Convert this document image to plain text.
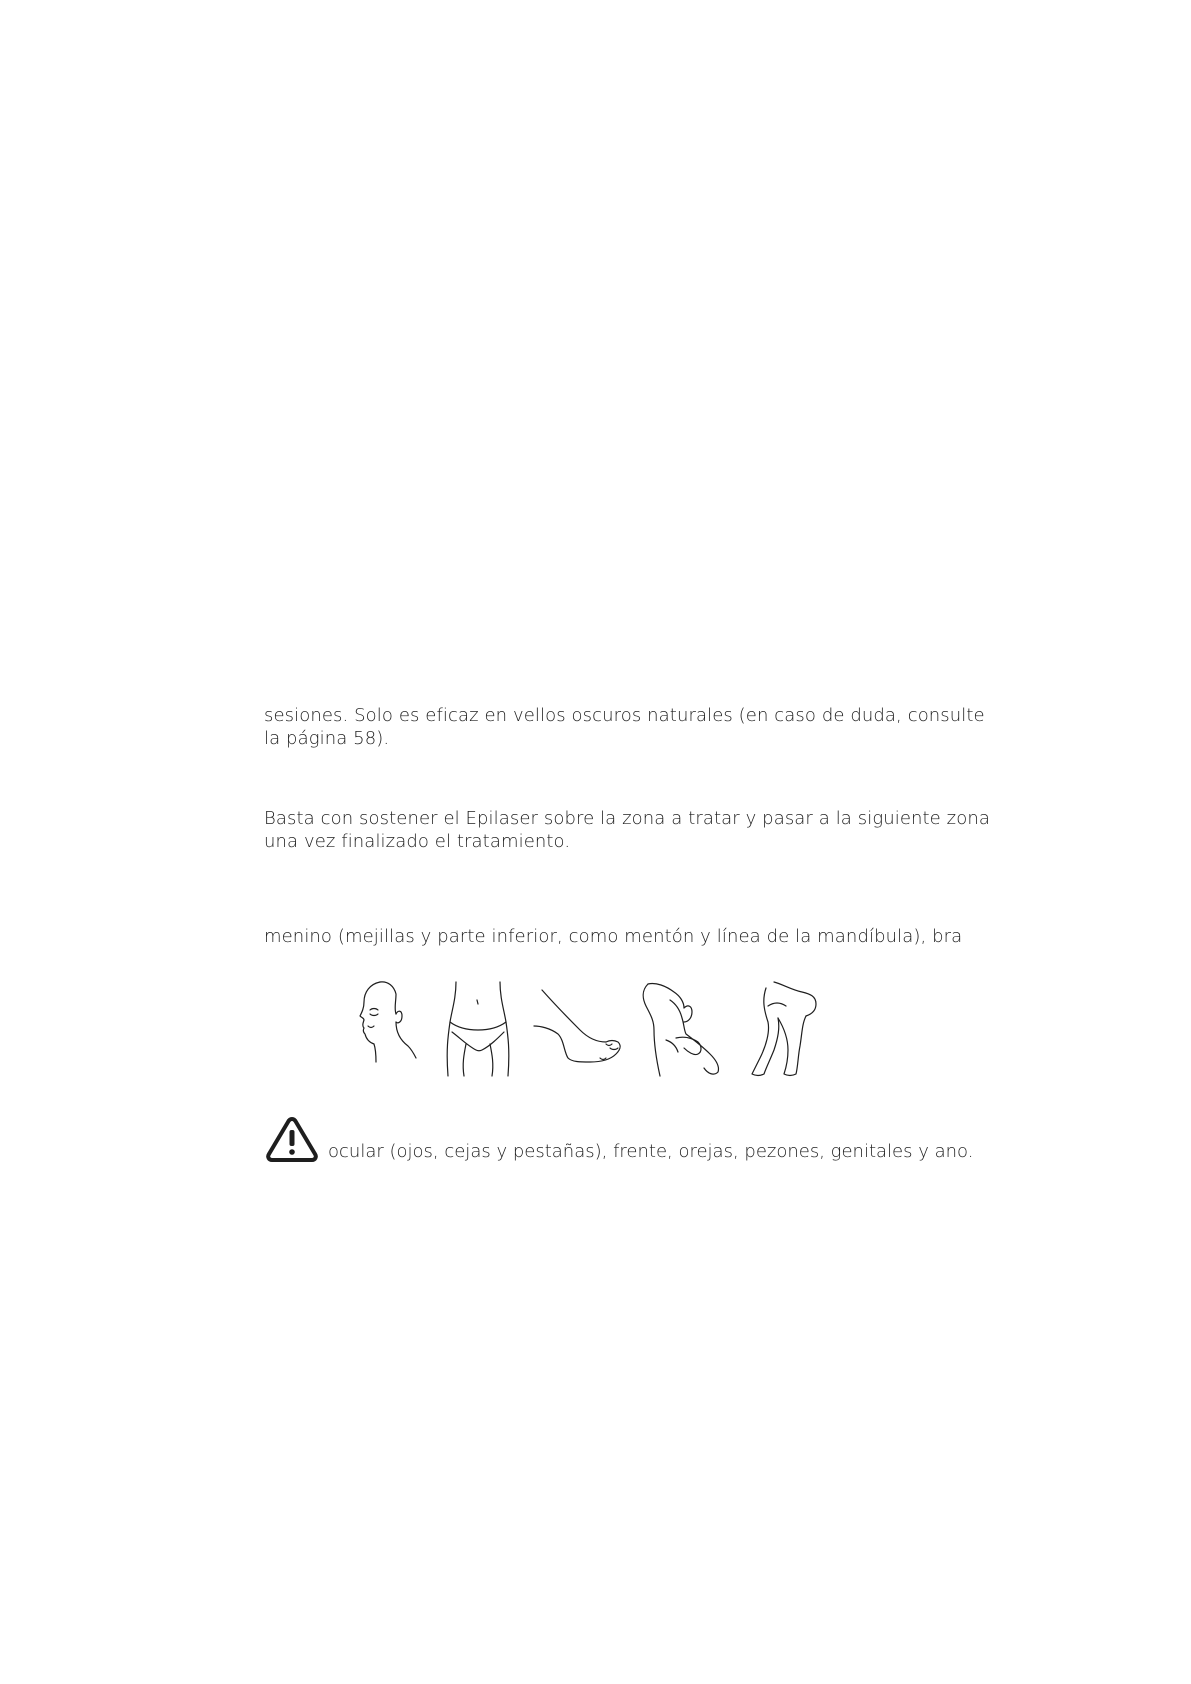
sesiones. Solo es eficaz en vellos oscuros naturales (en caso de duda, consulte
la página 58).
Basta con sostener el Epilaser sobre la zona a tratar y pasar a la siguiente zona
una vez finalizado el tratamiento.
menino (mejillas y parte inferior, como mentón y línea de la mandíbula), bra
ocular (ojos, cejas y pestañas), frente, orejas, pezones, genitales y ano.
